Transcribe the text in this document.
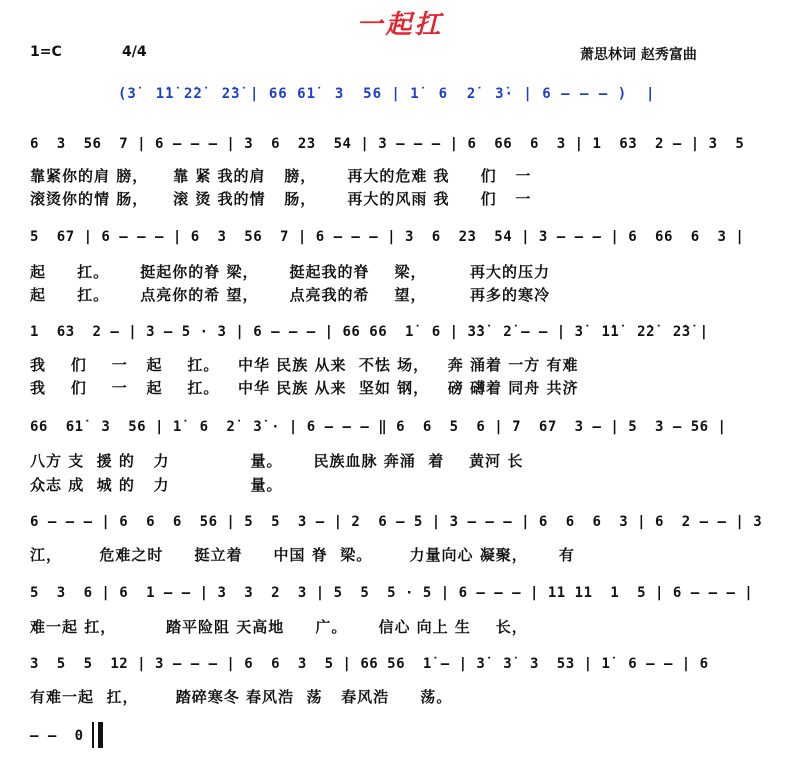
一起扛
1=C	4/4	萧思林词 赵秀富曲
(3̇  1̇1̇ 2̇2̇  2̇3̇ | 66 61̇  3  56 | 1̇  6  2̇  3̇· | 6 — — — )  |
6  3  56  7 | 6 — — — | 3  6  23  54 | 3 — — — | 6  66  6  3 | 1  63  2 — | 3  5
靠紧你的肩 膀，    靠 紧 我的肩   膀，     再大的危难 我     们   一
滚烫你的情 肠，    滚 烫 我的情   肠，     再大的风雨 我     们   一
5  67 | 6 — — — | 6  3  56  7 | 6 — — — | 3  6  23  54 | 3 — — — | 6  66  6  3 |
起     扛。     挺起你的脊 梁，     挺起我的脊    梁，       再大的压力
起     扛。     点亮你的希 望，     点亮我的希    望，       再多的寒冷
1  63  2 — | 3 — 5 · 3 | 6 — — — | 66 66  1̇  6 | 3̇3̇  2̇ — — | 3̇  1̇1̇  2̇2̇  2̇3̇ |
我    们    一   起    扛。   中华 民族 从来  不怯 场，   奔 涌着 一方 有难
我    们    一   起    扛。   中华 民族 从来  坚如 钢，   磅 礴着 同舟 共济
66  61̇  3  56 | 1̇  6  2̇  3̇ · | 6 — — — ‖ 6  6  5  6 | 7  67  3 — | 5  3 — 56 |
八方 支  援 的   力             量。     民族血脉 奔涌  着    黄河 长
众志 成  城 的   力             量。
6 — — — | 6  6  6  56 | 5  5  3 — | 2  6 — 5 | 3 — — — | 6  6  6  3 | 6  2 — — | 3
江，      危难之时     挺立着     中国 脊  梁。      力量向心 凝聚，     有
5  3  6 | 6  1 — — | 3  3  2  3 | 5  5  5 · 5 | 6 — — — | 11 11  1  5 | 6 — — — |
难一起 扛，        踏平险阻 天高地     广。     信心 向上 生    长，
3  5  5  12 | 3 — — — | 6  6  3  5 | 66 56  1̇ — | 3̇  3̇  3  53 | 1̇  6 — — | 6
有难一起  扛，      踏碎寒冬 春风浩  荡   春风浩     荡。
— —  0
